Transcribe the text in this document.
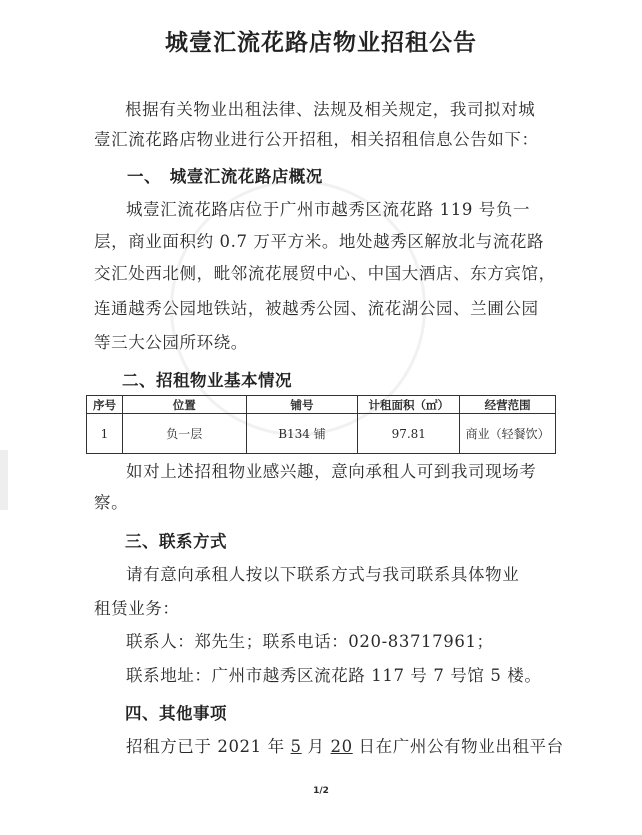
城壹汇流花路店物业招租公告
根据有关物业出租法律、法规及相关规定，我司拟对城
壹汇流花路店物业进行公开招租，相关招租信息公告如下：
一、　城壹汇流花路店概况
城壹汇流花路店位于广州市越秀区流花路 119 号负一
层，商业面积约 0.7 万平方米。地处越秀区解放北与流花路
交汇处西北侧，毗邻流花展贸中心、中国大酒店、东方宾馆，
连通越秀公园地铁站，被越秀公园、流花湖公园、兰圃公园
等三大公园所环绕。
二、招租物业基本情况
序号	位置	铺号	计租面积（㎡）	经营范围
1	负一层	B134 铺	97.81	商业（轻餐饮）
如对上述招租物业感兴趣，意向承租人可到我司现场考
察。
三、联系方式
请有意向承租人按以下联系方式与我司联系具体物业
租赁业务：
联系人：郑先生；联系电话：020-83717961；
联系地址：广州市越秀区流花路 117 号 7 号馆 5 楼。
四、其他事项
招租方已于 2021 年 5 月 20 日在广州公有物业出租平台
1/2
